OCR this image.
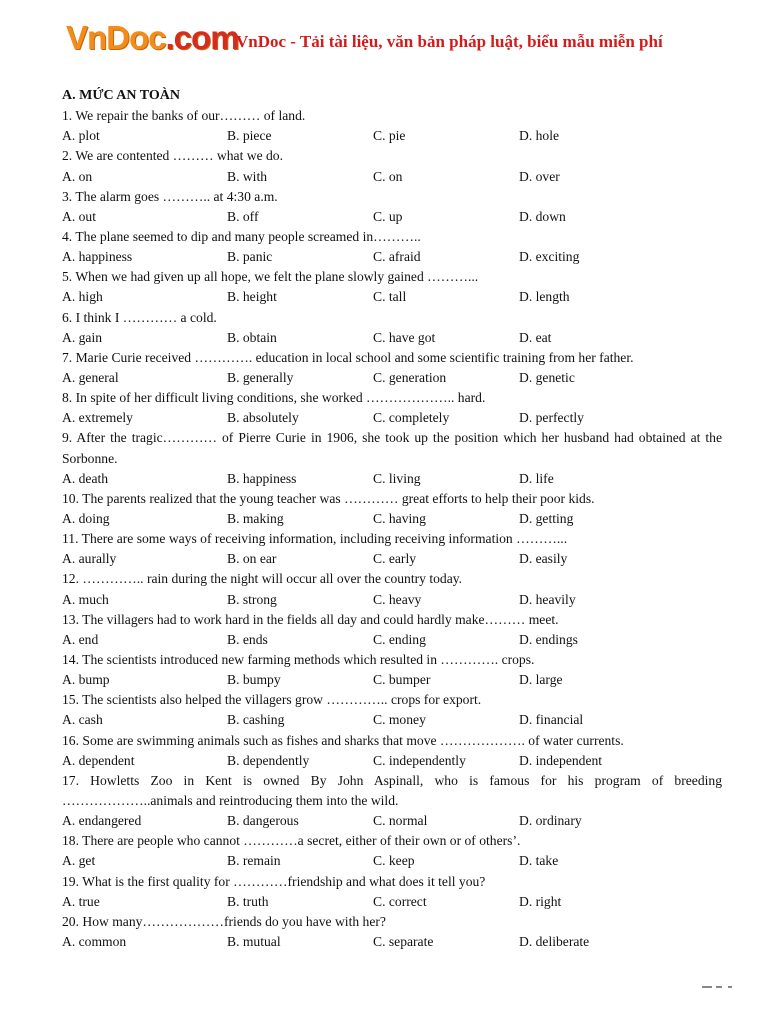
VnDoc.com
VnDoc - Tải tài liệu, văn bản pháp luật, biểu mẫu miễn phí
A. MỨC AN TOÀN
1. We repair the banks of our……… of land.
A. plot	B. piece	C. pie	D. hole
2. We are contented ……… what we do.
A. on	B. with	C. on	D. over
3. The alarm goes ……….. at 4:30 a.m.
A. out	B. off	C. up	D. down
4. The plane seemed to dip and many people screamed in………..
A. happiness	B. panic	C. afraid	D. exciting
5. When we had given up all hope, we felt the plane slowly gained ………...
A. high	B. height	C. tall	D. length
6. I think I ………… a cold.
A. gain	B. obtain	C. have got	D. eat
7. Marie Curie received …………. education in local school and some scientific training from her father.
A. general	B. generally	C. generation	D. genetic
8. In spite of her difficult living conditions, she worked ……………….. hard.
A. extremely	B. absolutely	C. completely	D. perfectly
9. After the tragic………… of Pierre Curie in 1906, she took up the position which her husband had obtained at the Sorbonne.
A. death	B. happiness	C. living	D. life
10. The parents realized that the young teacher was ………… great efforts to help their poor kids.
A. doing	B. making	C. having	D. getting
11. There are some ways of receiving information, including receiving information ………...
A. aurally	B. on ear	C. early	D. easily
12. ………….. rain during the night will occur all over the country today.
A. much	B. strong	C. heavy	D. heavily
13. The villagers had to work hard in the fields all day and could hardly make……… meet.
A. end	B. ends	C. ending	D. endings
14. The scientists introduced new farming methods which resulted in …………. crops.
A. bump	B. bumpy	C. bumper	D. large
15. The scientists also helped the villagers grow ………….. crops for export.
A. cash	B. cashing	C. money	D. financial
16. Some are swimming animals such as fishes and sharks that move ………………. of water currents.
A. dependent	B. dependently	C. independently	D. independent
17. Howletts Zoo in Kent is owned By John Aspinall, who is famous for his program of breeding ………………..animals and reintroducing them into the wild.
A. endangered	B. dangerous	C. normal	D. ordinary
18. There are people who cannot …………a secret, either of their own or of others’.
A. get	B. remain	C. keep	D. take
19. What is the first quality for …………friendship and what does it tell you?
A. true	B. truth	C. correct	D. right
20. How many………………friends do you have with her?
A. common	B. mutual	C. separate	D. deliberate
